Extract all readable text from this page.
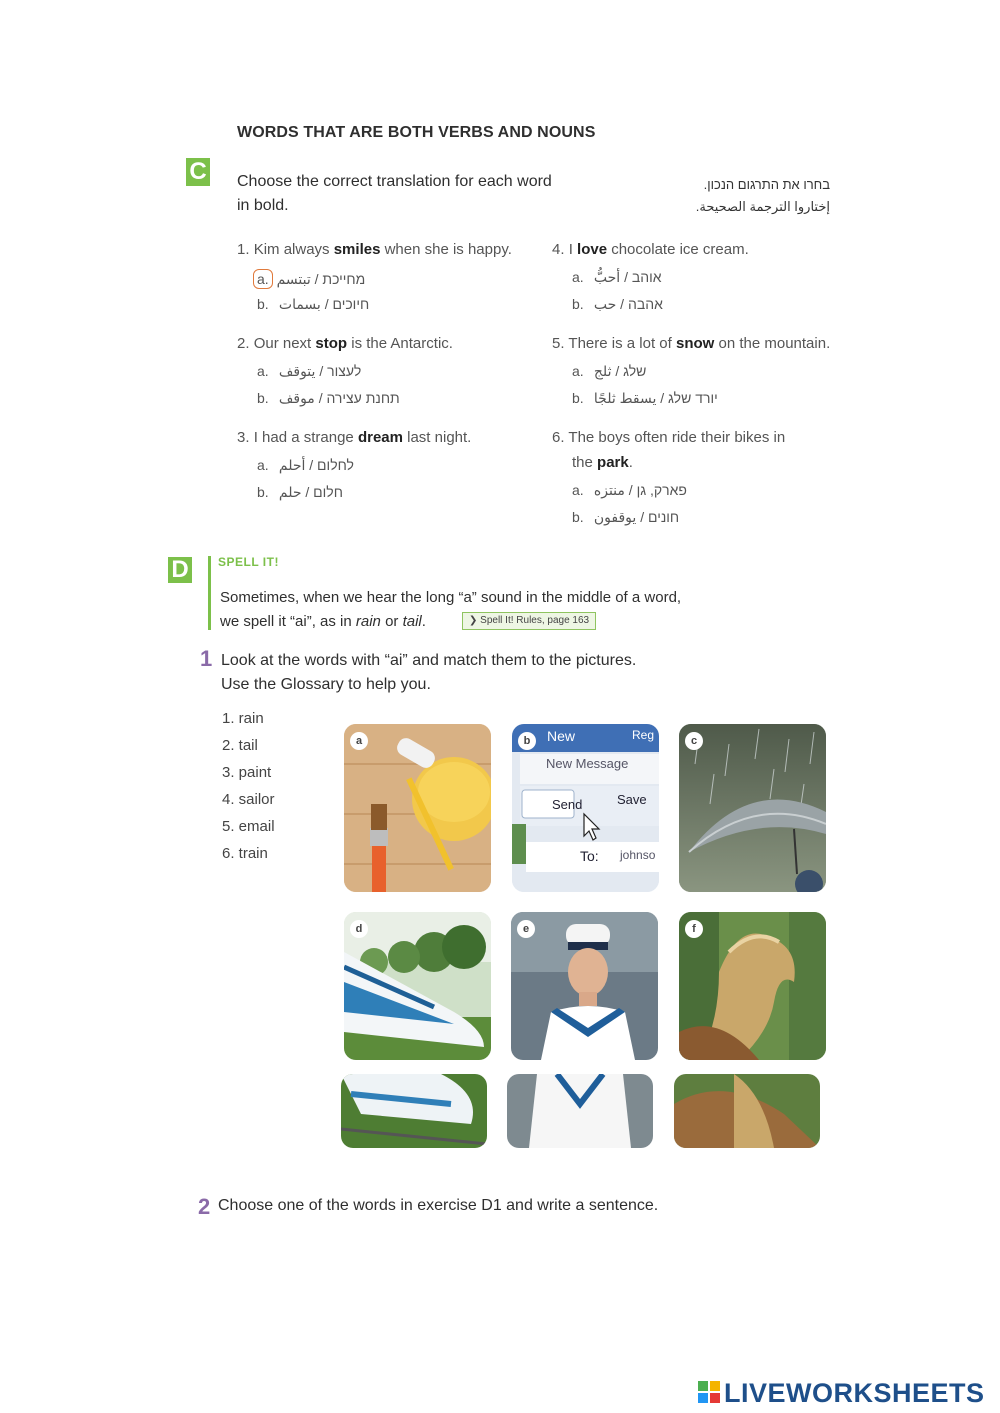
WORDS THAT ARE BOTH VERBS AND NOUNS
C Choose the correct translation for each word
in bold.
בחרו את התרגום הנכון.
إختاروا الترجمة الصحيحة.
1. Kim always smiles when she is happy.
a. מחייכת / تبتسم
b. חיוכים / بسمات
2. Our next stop is the Antarctic.
a. לעצור / يتوقف
b. תחנת עצירה / موقف
3. I had a strange dream last night.
a. לחלום / أحلم
b. חלום / حلم
4. I love chocolate ice cream.
a. אוהב / أحبُّ
b. אהבה / حب
5. There is a lot of snow on the mountain.
a. שלג / ثلج
b. יורד שלג / يسقط ثلجًا
6. The boys often ride their bikes in
the park.
a. פארק, גן / منتزه
b. חונים / يوقفون
D SPELL IT!
Sometimes, when we hear the long “a” sound in the middle of a word,
we spell it “ai”, as in rain or tail.	❯ Spell It! Rules, page 163
1 Look at the words with “ai” and match them to the pictures.
Use the Glossary to help you.
1. rain
2. tail
3. paint
4. sailor
5. email
6. train
a	New	Reg
New Message
Send	Save
To: johnso
b	c
d	e	f
2 Choose one of the words in exercise D1 and write a sentence.
LIVEWORKSHEETS
